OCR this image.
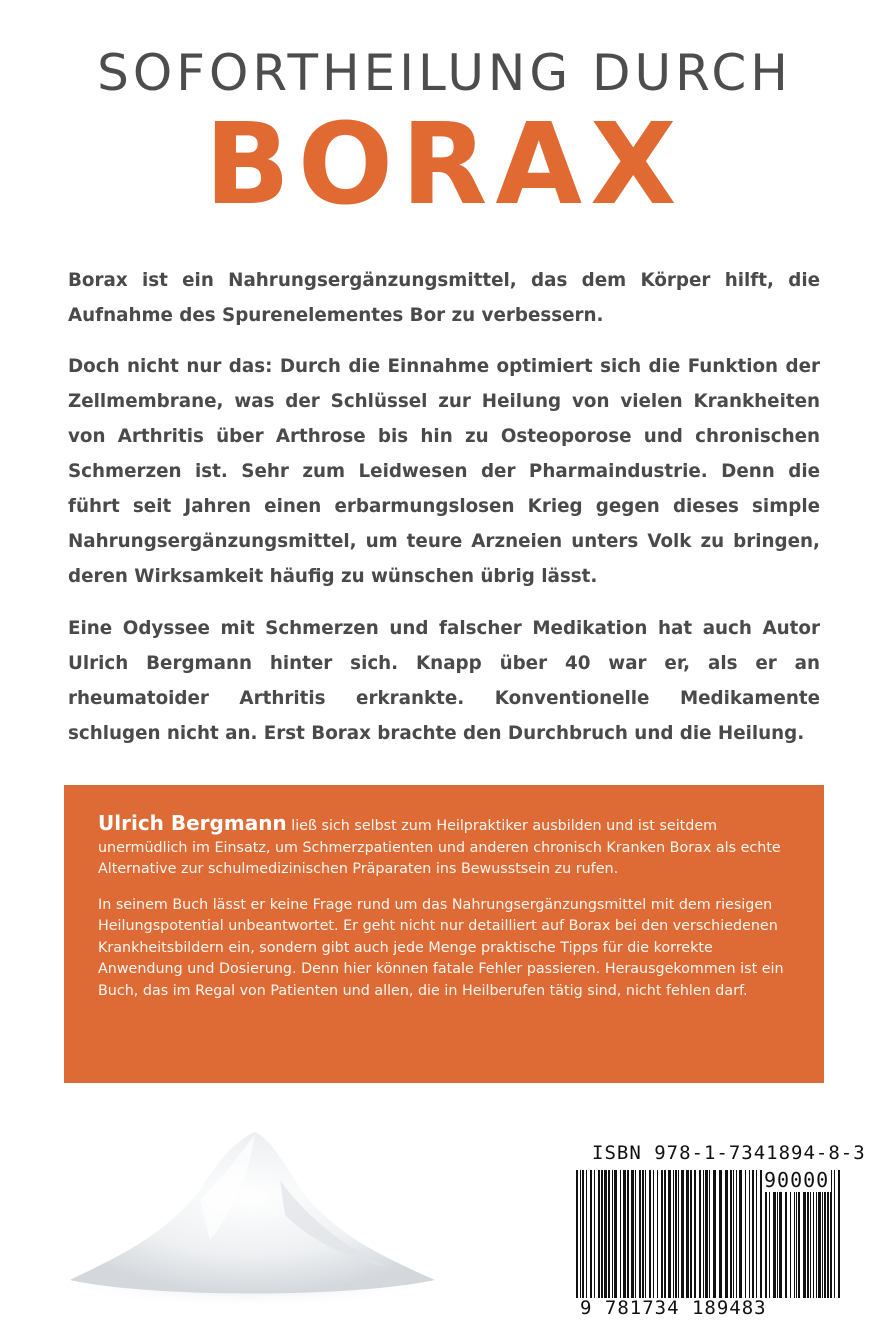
SOFORTHEILUNG DURCH
BORAX

Borax ist ein Nahrungsergänzungsmittel, das dem Körper hilft, die Aufnahme des Spurenelementes Bor zu verbessern.

Doch nicht nur das: Durch die Einnahme optimiert sich die Funktion der Zellmembrane, was der Schlüssel zur Heilung von vielen Krankheiten von Arthritis über Arthrose bis hin zu Osteoporose und chronischen Schmerzen ist. Sehr zum Leidwesen der Pharmaindustrie. Denn die führt seit Jahren einen erbarmungslosen Krieg gegen dieses simple Nahrungsergänzungsmittel, um teure Arzneien unters Volk zu bringen, deren Wirksamkeit häufig zu wünschen übrig lässt.

Eine Odyssee mit Schmerzen und falscher Medikation hat auch Autor Ulrich Bergmann hinter sich. Knapp über 40 war er, als er an rheumatoider Arthritis erkrankte. Konventionelle Medikamente schlugen nicht an. Erst Borax brachte den Durchbruch und die Heilung.

Ulrich Bergmann ließ sich selbst zum Heilpraktiker ausbilden und ist seitdem unermüdlich im Einsatz, um Schmerzpatienten und anderen chronisch Kranken Borax als echte Alternative zur schulmedizinischen Präparaten ins Bewusstsein zu rufen.

In seinem Buch lässt er keine Frage rund um das Nahrungsergänzungsmittel mit dem riesigen Heilungspotential unbeantwortet. Er geht nicht nur detailliert auf Borax bei den verschiedenen Krankheitsbildern ein, sondern gibt auch jede Menge praktische Tipps für die korrekte Anwendung und Dosierung. Denn hier können fatale Fehler passieren. Herausgekommen ist ein Buch, das im Regal von Patienten und allen, die in Heilberufen tätig sind, nicht fehlen darf.

ISBN 978-1-7341894-8-3
90000
9 781734 189483
